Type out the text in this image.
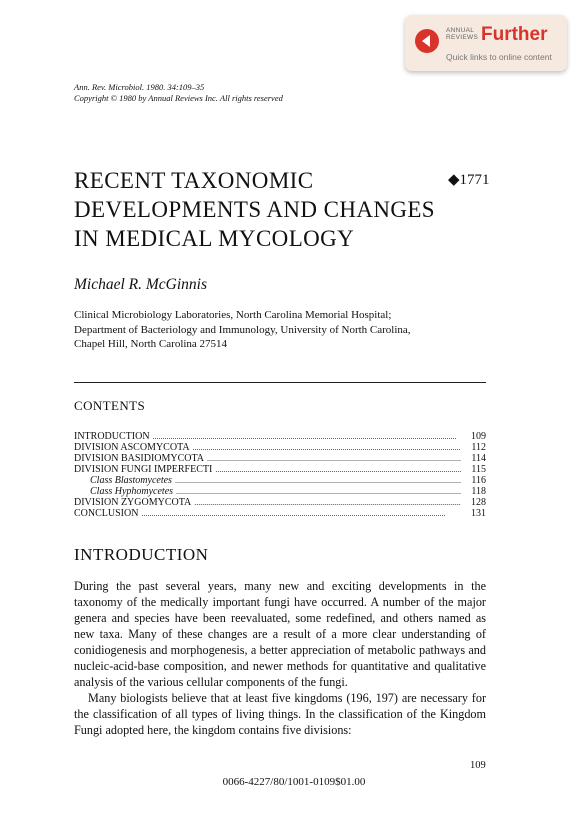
ANNUAL REVIEWS Further
Quick links to online content
Ann. Rev. Microbiol. 1980. 34:109–35
Copyright © 1980 by Annual Reviews Inc. All rights reserved
RECENT TAXONOMIC
DEVELOPMENTS AND CHANGES
IN MEDICAL MYCOLOGY
◆1771
Michael R. McGinnis
Clinical Microbiology Laboratories, North Carolina Memorial Hospital;
Department of Bacteriology and Immunology, University of North Carolina,
Chapel Hill, North Carolina 27514
CONTENTS
INTRODUCTION .....	109
DIVISION ASCOMYCOTA .....	112
DIVISION BASIDIOMYCOTA .....	114
DIVISION FUNGI IMPERFECTI .....	115
Class Blastomycetes .....	116
Class Hyphomycetes .....	118
DIVISION ZYGOMYCOTA .....	128
CONCLUSION .....	131
INTRODUCTION

During the past several years, many new and exciting developments in the taxonomy of the medically important fungi have occurred. A number of the major genera and species have been reevaluated, some redefined, and others named as new taxa. Many of these changes are a result of a more clear understanding of conidiogenesis and morphogenesis, a better appreciation of metabolic pathways and nucleic-acid-base composition, and newer methods for quantitative and qualitative analysis of the various cellular components of the fungi.

Many biologists believe that at least five kingdoms (196, 197) are necessary for the classification of all types of living things. In the classification of the Kingdom Fungi adopted here, the kingdom contains five divisions:

109
0066-4227/80/1001-0109$01.00
